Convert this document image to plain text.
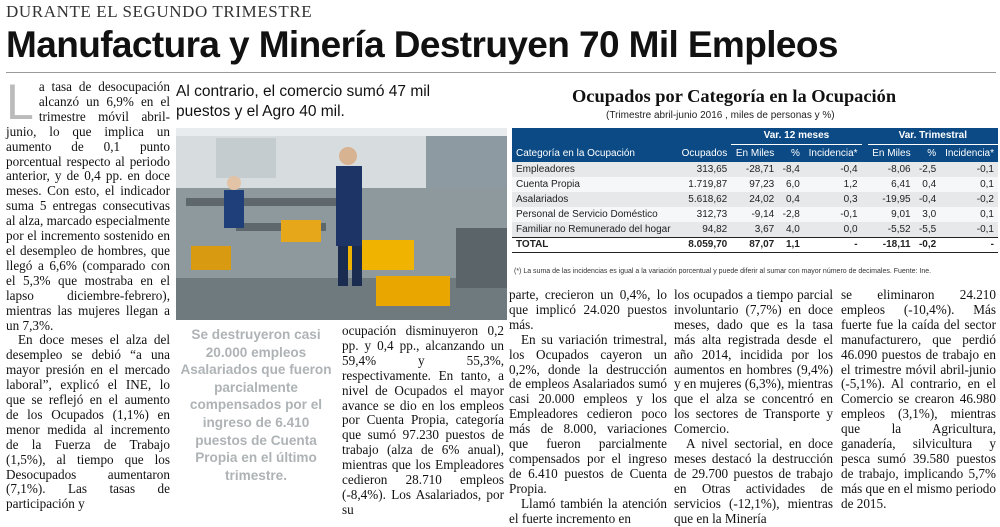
DURANTE EL SEGUNDO TRIMESTRE
Manufactura y Minería Destruyen 70 Mil Empleos
L a tasa de desocupación alcanzó un 6,9% en el trimestre móvil abril-junio, lo que implica un aumento de 0,1 punto porcentual respecto al periodo anterior, y de 0,4 pp. en doce meses. Con esto, el indicador suma 5 entregas consecutivas al alza, marcado especialmente por el incremento sostenido en el desempleo de hombres, que llegó a 6,6% (comparado con el 5,3% que mostraba en el lapso diciembre-febrero), mientras las mujeres llegan a un 7,3%.

En doce meses el alza del desempleo se debió “a una mayor presión en el mercado laboral”, explicó el INE, lo que se reflejó en el aumento de los Ocupados (1,1%) en menor medida al incremento de la Fuerza de Trabajo (1,5%), al tiempo que los Desocupados aumentaron (7,1%). Las tasas de participación y

Al contrario, el comercio sumó 47 mil puestos y el Agro 40 mil.
Se destruyeron casi 20.000 empleos Asalariados que fueron parcialmente compensados por el ingreso de 6.410 puestos de Cuenta Propia en el último trimestre.

ocupación disminuyeron 0,2 pp. y 0,4 pp., alcanzando un 59,4% y 55,3%, respectivamente. En tanto, a nivel de Ocupados el mayor avance se dio en los empleos por Cuenta Propia, categoría que sumó 97.230 puestos de trabajo (alza de 6% anual), mientras que los Empleadores cedieron 28.710 empleos (-8,4%). Los Asalariados, por su

Ocupados por Categoría en la Ocupación
(Trimestre abril-junio 2016 , miles de personas y %)
		Var. 12 meses				Var. Trimestral		
Categoría en la Ocupación	Ocupados	En Miles	%	Incidencia*		En Miles	%	Incidencia*
Empleadores	313,65	-28,71	-8,4	-0,4		-8,06	-2,5	-0,1
Cuenta Propia	1.719,87	97,23	6,0	1,2		6,41	0,4	0,1
Asalariados	5.618,62	24,02	0,4	0,3		-19,95	-0,4	-0,2
Personal de Servicio Doméstico	312,73	-9,14	-2,8	-0,1		9,01	3,0	0,1
Familiar no Remunerado del hogar	94,82	3,67	4,0	0,0		-5,52	-5,5	-0,1
TOTAL	8.059,70	87,07	1,1	-		-18,11	-0,2	-
(*) La suma de las incidencias es igual a la variación porcentual y puede diferir al sumar con mayor número de decimales. Fuente: Ine.

parte, crecieron un 0,4%, lo que implicó 24.020 puestos más.

En su variación trimestral, los Ocupados cayeron un 0,2%, donde la destrucción de empleos Asalariados sumó casi 20.000 empleos y los Empleadores cedieron poco más de 8.000, variaciones que fueron parcialmente compensados por el ingreso de 6.410 puestos de Cuenta Propia.

Llamó también la atención el fuerte incremento en

los ocupados a tiempo parcial involuntario (7,7%) en doce meses, dado que es la tasa más alta registrada desde el año 2014, incidida por los aumentos en hombres (9,4%) y en mujeres (6,3%), mientras que el alza se concentró en los sectores de Transporte y Comercio.

A nivel sectorial, en doce meses destacó la destrucción de 29.700 puestos de trabajo en Otras actividades de servicios (-12,1%), mientras que en la Minería

se eliminaron 24.210 empleos (-10,4%). Más fuerte fue la caída del sector manufacturero, que perdió 46.090 puestos de trabajo en el trimestre móvil abril-junio (-5,1%). Al contrario, en el Comercio se crearon 46.980 empleos (3,1%), mientras que la Agricultura, ganadería, silvicultura y pesca sumó 39.580 puestos de trabajo, implicando 5,7% más que en el mismo periodo de 2015.
